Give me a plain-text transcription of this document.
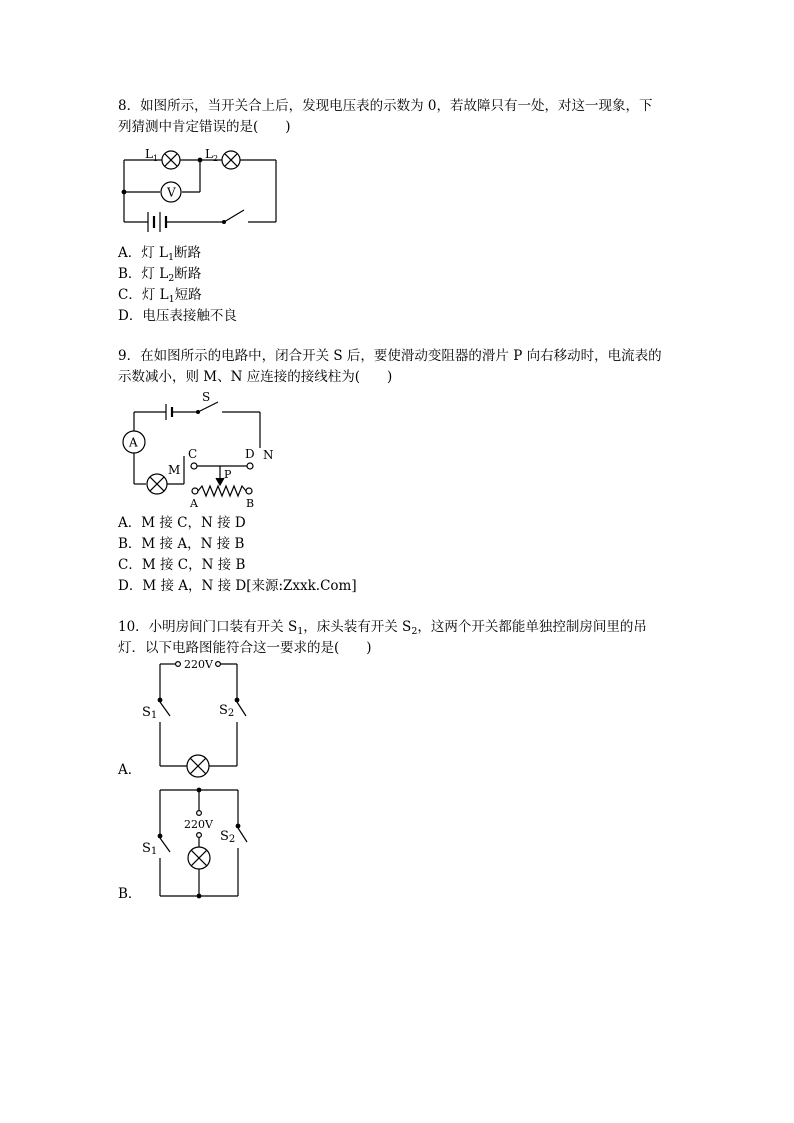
8．如图所示，当开关合上后，发现电压表的示数为 0，若故障只有一处，对这一现象，下
列猜测中肯定错误的是(　　)
$L_1$	$L_2$
V
A．灯 $L_1$断路
B．灯 $L_2$断路
C．灯 $L_1$短路
D．电压表接触不良
9．在如图所示的电路中，闭合开关 S 后，要使滑动变阻器的滑片 P 向右移动时，电流表的
示数减小，则 M、N 应连接的接线柱为(　　)
S
A
M
C	D N
P
A	B
A．M 接 C，N 接 D
B．M 接 A，N 接 B
C．M 接 C，N 接 B
D．M 接 A，N 接 D[来源:Zxxk.Com]
10．小明房间门口装有开关 $S_1$，床头装有开关 $S_2$，这两个开关都能单独控制房间里的吊
灯．以下电路图能符合这一要求的是(　　)
220V
S1	S2
A．
220V
S1
S2
B．
